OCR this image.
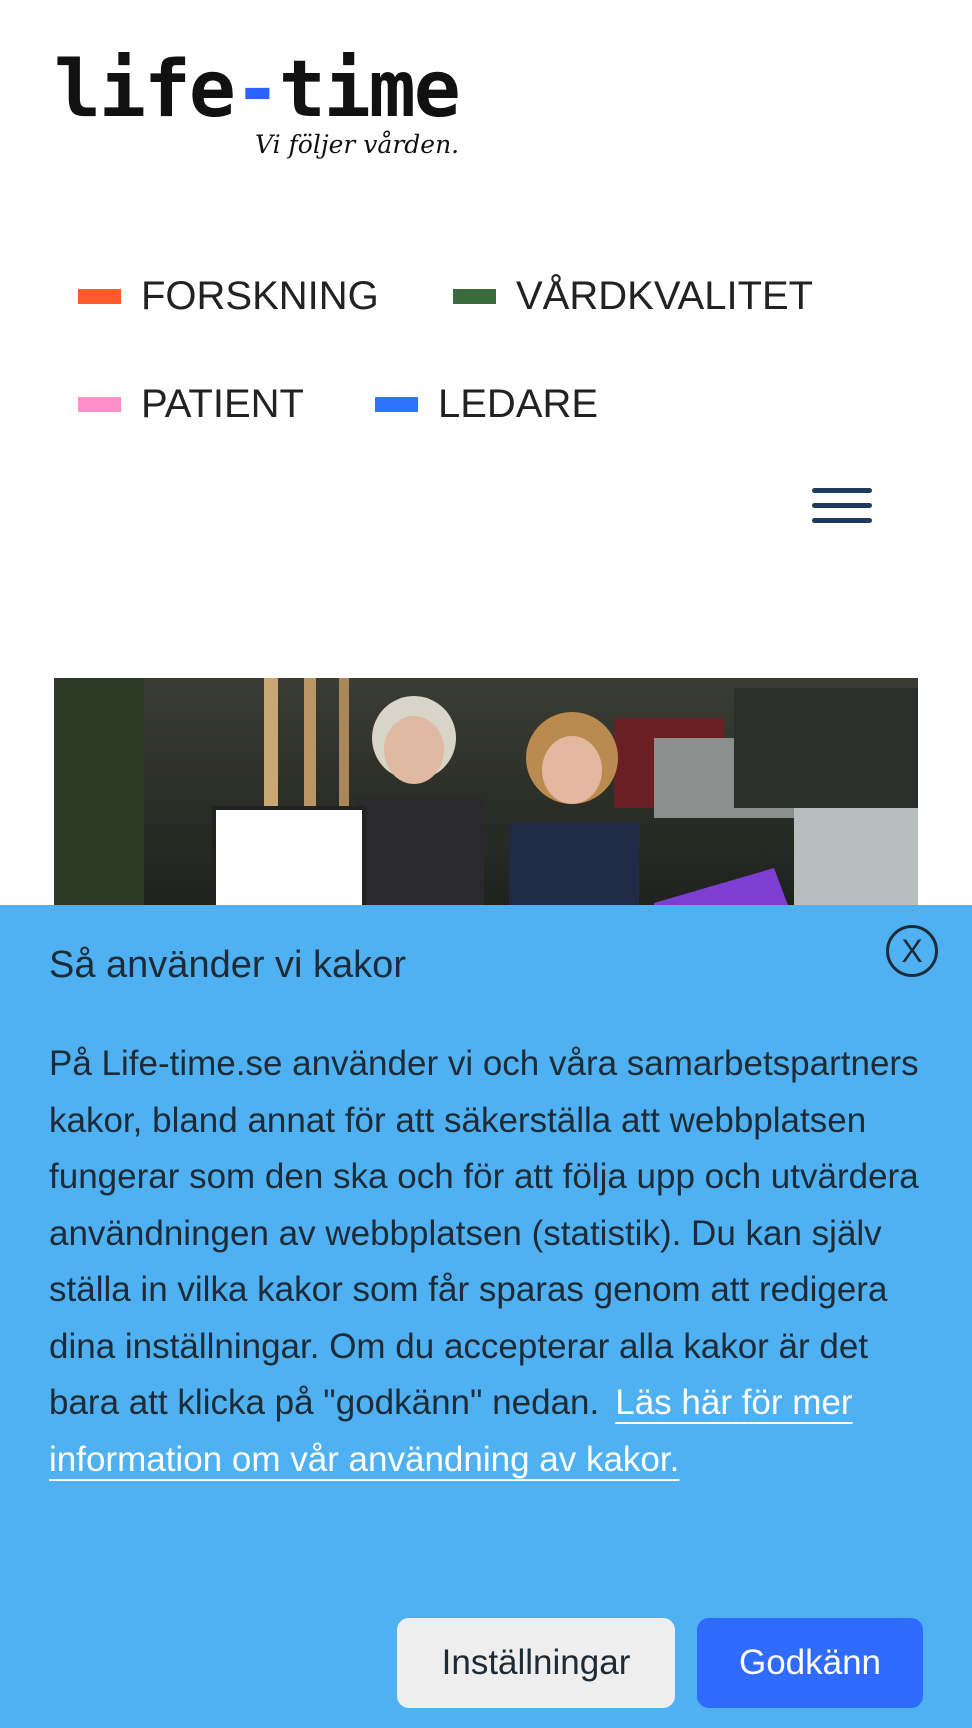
life-time
Vi följer vården.
FORSKNING	VÅRDKVALITET
PATIENT	LEDARE
Så använder vi kakor	X
På Life-time.se använder vi och våra samarbetspartners kakor, bland annat för att säkerställa att webbplatsen fungerar som den ska och för att följa upp och utvärdera användningen av webbplatsen (statistik). Du kan själv ställa in vilka kakor som får sparas genom att redigera dina inställningar. Om du accepterar alla kakor är det bara att klicka på "godkänn" nedan. Läs här för mer information om vår användning av kakor.
Inställningar	Godkänn
